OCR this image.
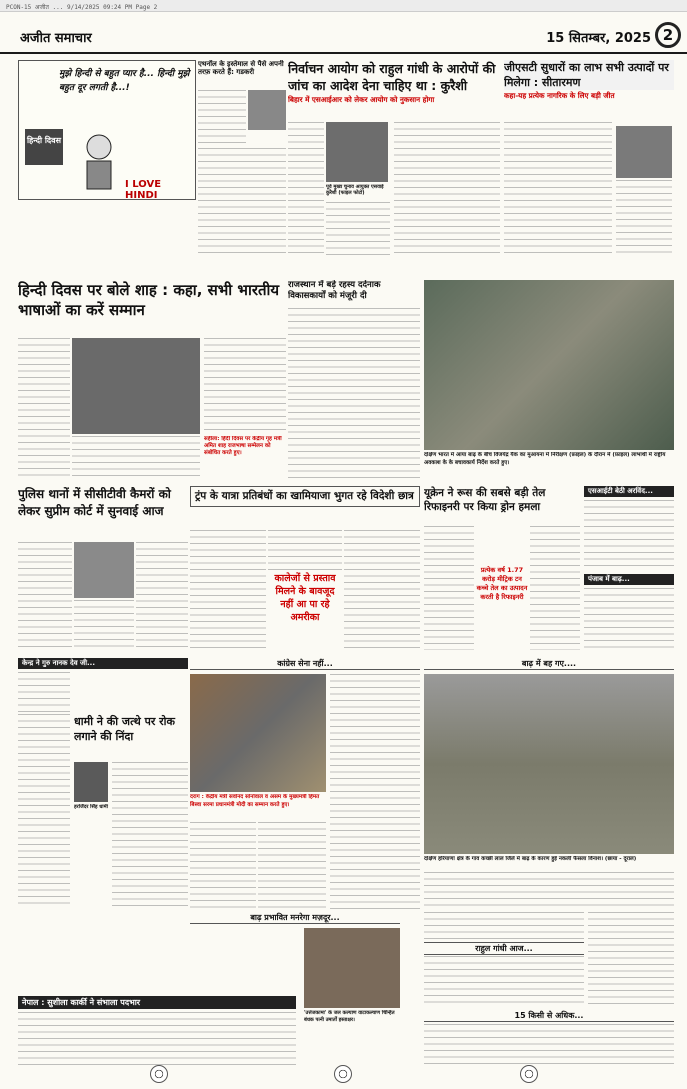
PCON-15 अजीत ... 9/14/2025 09:24 PM Page 2
अजीत समाचार	15 सितम्बर, 2025 2
मुझे हिन्दी से बहुत प्यार है... हिन्दी मुझे बहुत दूर लगती है...!
हिन्दी दिवस
I LOVE HINDI
एथनॉल के इस्तेमाल से पैसे अपनी तरफ़ करते हैं: गडकरी	निर्वाचन आयोग को राहुल गांधी के आरोपों की जांच का आदेश देना चाहिए था : कुरैशी
बिहार में एसआईआर को लेकर आयोग को नुकसान होगा
पूर्व मुख्य चुनाव आयुक्त एसवाई कुरैशी (फाइल फोटो)
जीएसटी सुधारों का लाभ सभी उत्पादों पर मिलेगा : सीतारमण
कहा-यह प्रत्येक नागरिक के लिए बड़ी जीत
हिन्दी दिवस पर बोले शाह : कहा, सभी भारतीय भाषाओं का करें सम्मान
सहीला: हिंदी दिवस पर केंद्रीय गृह मंत्री अमित शाह राजभाषा सम्मेलन को संबोधित करते हुए।
राजस्थान में बड़े रहस्य दर्दनाक विकासकार्यों को मंजूरी दी
दक्षिण भारत में आया बाढ़ के बीच विजयेंद्र यैक का मुआयना में निरीक्षण (फ़ाइल) के दौरान में (फ़ाइल) लाभार्थी में राष्ट्रीय अवकाश के के बचावकार्य निर्देश करते हुए।
पुलिस थानों में सीसीटीवी कैमरों को लेकर सुप्रीम कोर्ट में सुनवाई आज
ट्रंप के यात्रा प्रतिबंधों का खामियाजा भुगत रहे विदेशी छात्र
कालेजों से प्रस्ताव मिलने के बावजूद नहीं आ पा रहे अमरीका
यूक्रेन ने रूस की सबसे बड़ी तेल रिफाइनरी पर किया ड्रोन हमला
प्रत्येक वर्ष 1.77 करोड़ मीट्रिक टन कच्चे तेल का उत्पादन करती है रिफाइनरी
एसआईटी बेठी अरविंद...
पंजाब में बाढ़...
कांग्रेस सेना नहीं...
दरांग : केंद्रीय मंत्री सर्वानंद सोनोवाल व असम के मुख्यमंत्री हिमंत बिस्वा सरमा प्रधानमंत्री मोदी का सम्मान करते हुए।
बाढ़ में बह गए....
दक्षिण हरियाणा क्षेत्र के गांव कच्छी लाल जिले में बाढ़ के कारण हुई नकली फैसला विनाश। (छाया - दूराल)
केन्द्र ने गुरु नानक देव जी...
धामी ने की जत्थे पर रोक लगाने की निंदा
हरजिंदर सिंह धामी
नेपाल : सुशीला कार्की ने संभाला पदभार
बाढ़ प्रभावित मनरेगा मज़दूर...
'उत्तेजकामा' के जल कल्याण वाटाकल्याण चिन्हित बंधक पत्नी उमार्तों हस्ताक्षर।
राहुल गांधी आज...
15 किसी से अधिक...
